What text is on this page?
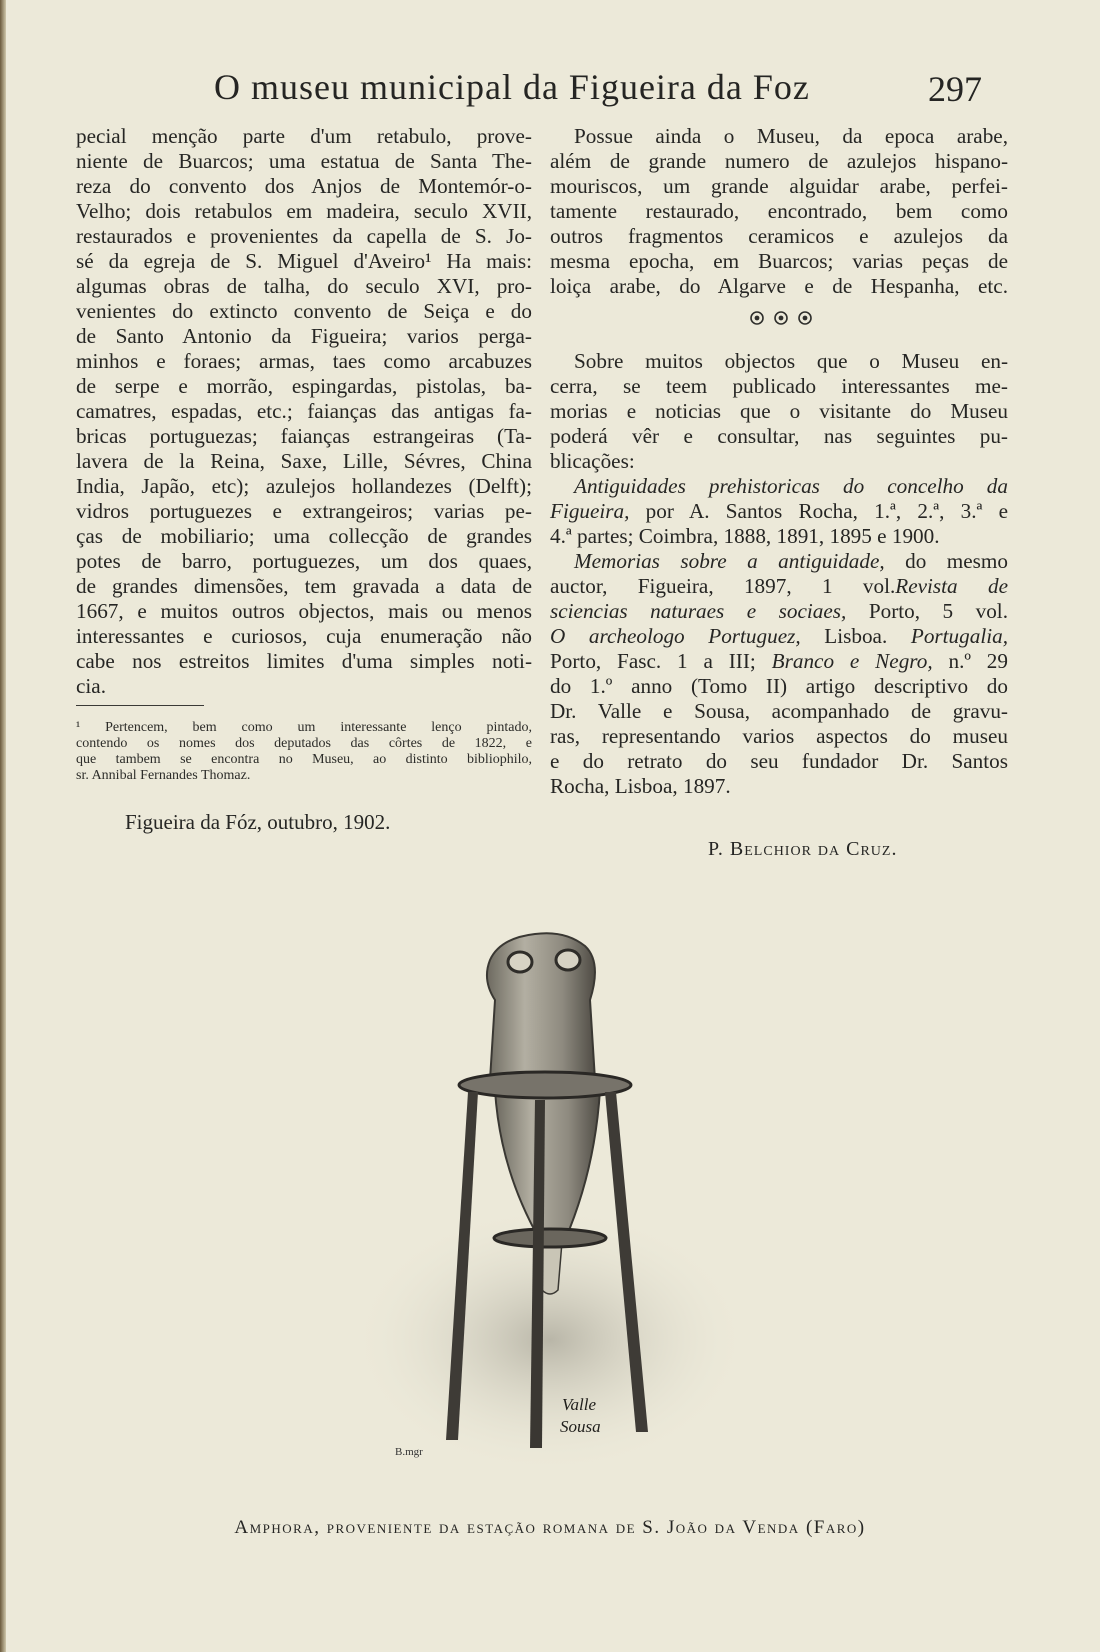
O museu municipal da Figueira da Foz	297
pecial menção parte d'um retabulo, prove-
niente de Buarcos; uma estatua de Santa The-
reza do convento dos Anjos de Montemór-o-
Velho; dois retabulos em madeira, seculo XVII,
restaurados e provenientes da capella de S. Jo-
sé da egreja de S. Miguel d'Aveiro¹ Ha mais:
algumas obras de talha, do seculo XVI, pro-
venientes do extincto convento de Seiça e do
de Santo Antonio da Figueira; varios perga-
minhos e foraes; armas, taes como arcabuzes
de serpe e morrão, espingardas, pistolas, ba-
camatres, espadas, etc.; faianças das antigas fa-
bricas portuguezas; faianças estrangeiras (Ta-
lavera de la Reina, Saxe, Lille, Sévres, China
India, Japão, etc); azulejos hollandezes (Delft);
vidros portuguezes e extrangeiros; varias pe-
ças de mobiliario; uma collecção de grandes
potes de barro, portuguezes, um dos quaes,
de grandes dimensões, tem gravada a data de
1667, e muitos outros objectos, mais ou menos
interessantes e curiosos, cuja enumeração não
cabe nos estreitos limites d'uma simples noti-
cia.
¹ Pertencem, bem como um interessante lenço pintado,
contendo os nomes dos deputados das côrtes de 1822, e
que tambem se encontra no Museu, ao distinto bibliophilo,
sr. Annibal Fernandes Thomaz.
Figueira da Fóz, outubro, 1902.
Possue ainda o Museu, da epoca arabe,
além de grande numero de azulejos hispano-
mouriscos, um grande alguidar arabe, perfei-
tamente restaurado, encontrado, bem como
outros fragmentos ceramicos e azulejos da
mesma epocha, em Buarcos; varias peças de
loiça arabe, do Algarve e de Hespanha, etc.
Sobre muitos objectos que o Museu en-
cerra, se teem publicado interessantes me-
morias e noticias que o visitante do Museu
poderá vêr e consultar, nas seguintes pu-
blicações:
Antiguidades prehistoricas do concelho da
Figueira, por A. Santos Rocha, 1.ª, 2.ª, 3.ª e
4.ª partes; Coimbra, 1888, 1891, 1895 e 1900.
Memorias sobre a antiguidade, do mesmo
auctor, Figueira, 1897, 1 vol.Revista de
sciencias naturaes e sociaes, Porto, 5 vol.
O archeologo Portuguez, Lisboa. Portugalia,
Porto, Fasc. 1 a III; Branco e Negro, n.º 29
do 1.º anno (Tomo II) artigo descriptivo do
Dr. Valle e Sousa, acompanhado de gravu-
ras, representando varios aspectos do museu
e do retrato do seu fundador Dr. Santos
Rocha, Lisboa, 1897.
P. Belchior da Cruz.
Valle
Sousa
B.mgr
Amphora, proveniente da estação romana de S. João da Venda (Faro)
